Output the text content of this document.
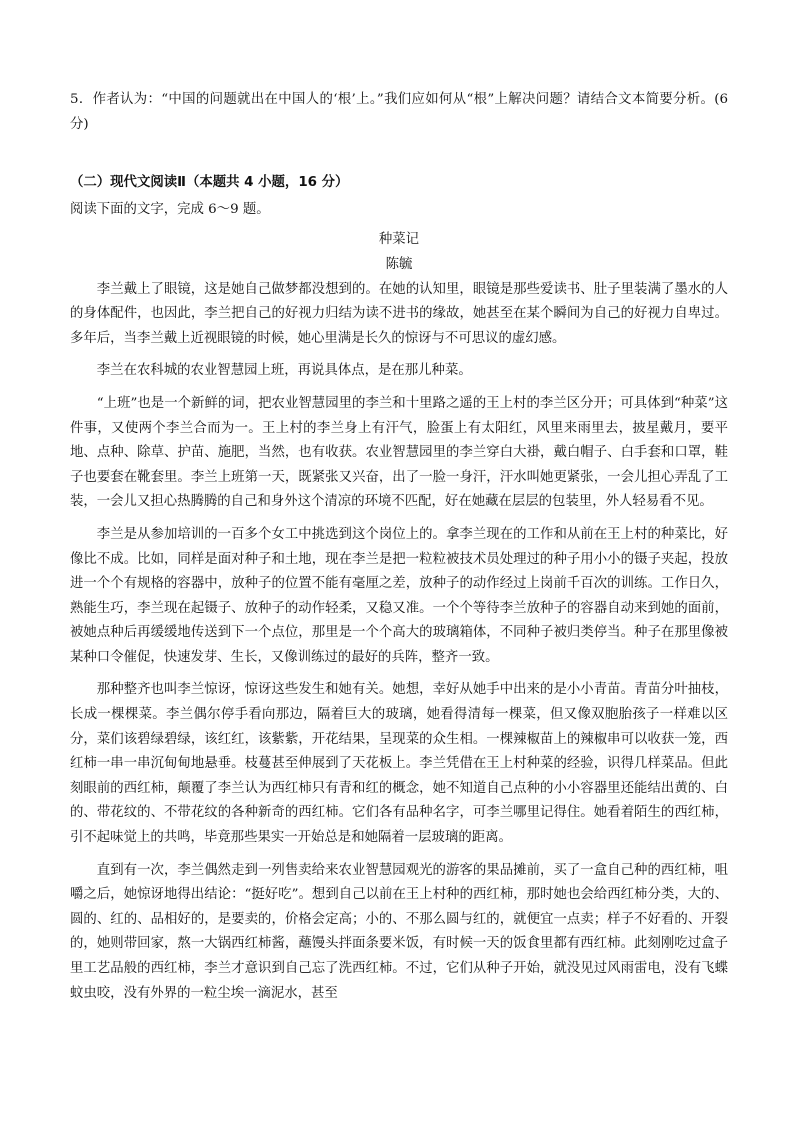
5．作者认为：“中国的问题就出在中国人的‘根’上。”我们应如何从“根”上解决问题？请结合文本简要分析。(6 分)

（二）现代文阅读Ⅱ（本题共 4 小题，16 分）

阅读下面的文字，完成 6～9 题。

种菜记

陈毓

李兰戴上了眼镜，这是她自己做梦都没想到的。在她的认知里，眼镜是那些爱读书、肚子里装满了墨水的人的身体配件，也因此，李兰把自己的好视力归结为读不进书的缘故，她甚至在某个瞬间为自己的好视力自卑过。多年后，当李兰戴上近视眼镜的时候，她心里满是长久的惊讶与不可思议的虚幻感。

李兰在农科城的农业智慧园上班，再说具体点，是在那儿种菜。

“上班”也是一个新鲜的词，把农业智慧园里的李兰和十里路之遥的王上村的李兰区分开；可具体到“种菜”这件事，又使两个李兰合而为一。王上村的李兰身上有汗气，脸蛋上有太阳红，风里来雨里去，披星戴月，要平地、点种、除草、护苗、施肥，当然，也有收获。农业智慧园里的李兰穿白大褂，戴白帽子、白手套和口罩，鞋子也要套在靴套里。李兰上班第一天，既紧张又兴奋，出了一脸一身汗，汗水叫她更紧张，一会儿担心弄乱了工装，一会儿又担心热腾腾的自己和身外这个清凉的环境不匹配，好在她藏在层层的包装里，外人轻易看不见。

李兰是从参加培训的一百多个女工中挑选到这个岗位上的。拿李兰现在的工作和从前在王上村的种菜比，好像比不成。比如，同样是面对种子和土地，现在李兰是把一粒粒被技术员处理过的种子用小小的镊子夹起，投放进一个个有规格的容器中，放种子的位置不能有毫厘之差，放种子的动作经过上岗前千百次的训练。工作日久，熟能生巧，李兰现在起镊子、放种子的动作轻柔，又稳又准。一个个等待李兰放种子的容器自动来到她的面前，被她点种后再缓缓地传送到下一个点位，那里是一个个高大的玻璃箱体，不同种子被归类停当。种子在那里像被某种口令催促，快速发芽、生长，又像训练过的最好的兵阵，整齐一致。

那种整齐也叫李兰惊讶，惊讶这些发生和她有关。她想，幸好从她手中出来的是小小青苗。青苗分叶抽枝，长成一棵棵菜。李兰偶尔停手看向那边，隔着巨大的玻璃，她看得清每一棵菜，但又像双胞胎孩子一样难以区分，菜们该碧绿碧绿，该红红，该紫紫，开花结果，呈现菜的众生相。一棵辣椒苗上的辣椒串可以收获一笼，西红柿一串一串沉甸甸地悬垂。枝蔓甚至伸展到了天花板上。李兰凭借在王上村种菜的经验，识得几样菜品。但此刻眼前的西红柿，颠覆了李兰认为西红柿只有青和红的概念，她不知道自己点种的小小容器里还能结出黄的、白的、带花纹的、不带花纹的各种新奇的西红柿。它们各有品种名字，可李兰哪里记得住。她看着陌生的西红柿，引不起味觉上的共鸣，毕竟那些果实一开始总是和她隔着一层玻璃的距离。

直到有一次，李兰偶然走到一列售卖给来农业智慧园观光的游客的果品摊前，买了一盒自己种的西红柿，咀嚼之后，她惊讶地得出结论：“挺好吃”。想到自己以前在王上村种的西红柿，那时她也会给西红柿分类，大的、圆的、红的、品相好的，是要卖的，价格会定高；小的、不那么圆与红的，就便宜一点卖；样子不好看的、开裂的，她则带回家，熬一大锅西红柿酱，蘸馒头拌面条要米饭，有时候一天的饭食里都有西红柿。此刻刚吃过盒子里工艺品般的西红柿，李兰才意识到自己忘了洗西红柿。不过，它们从种子开始，就没见过风雨雷电，没有飞蝶蚊虫咬，没有外界的一粒尘埃一滴泥水，甚至
